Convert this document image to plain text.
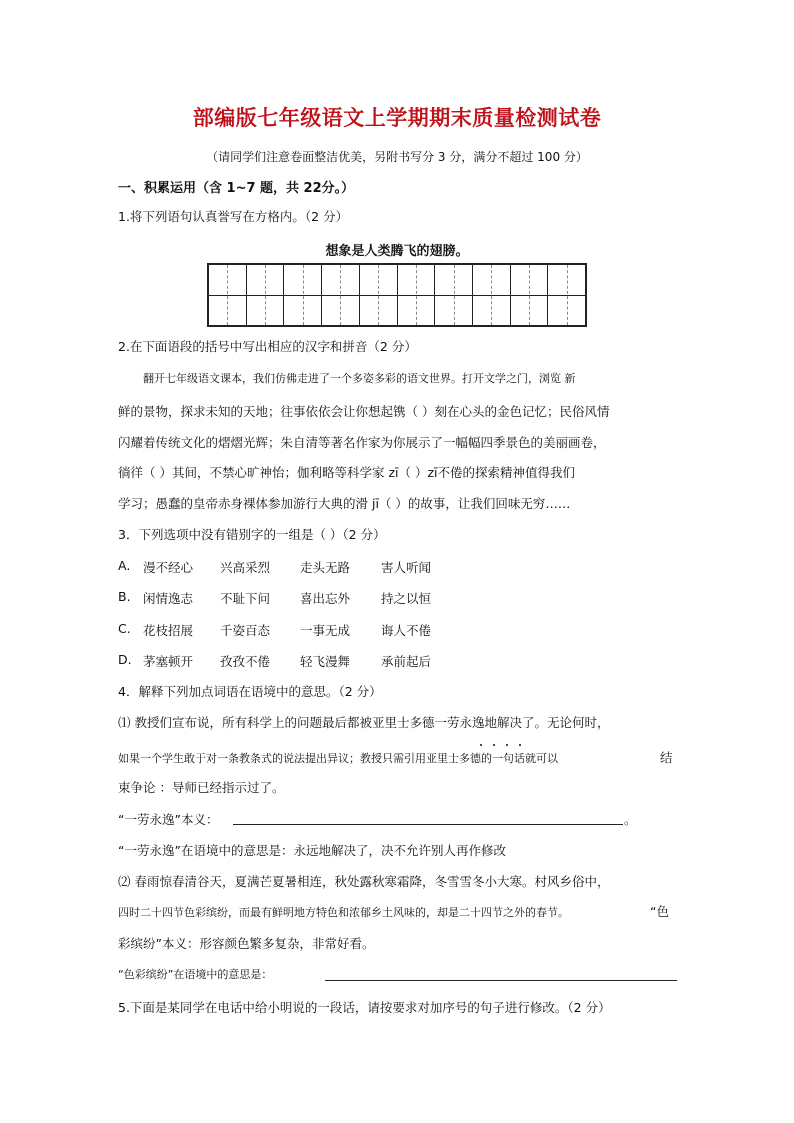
部编版七年级语文上学期期末质量检测试卷
（请同学们注意卷面整洁优美，另附书写分 3 分，满分不超过 100 分）
一、积累运用（含 1~7 题，共 22分。）
1.将下列语句认真誉写在方格内。（2 分）
想象是人类腾飞的翅膀。
2.在下面语段的括号中写出相应的汉字和拼音（2 分）
翻开七年级语文课本，我们仿佛走进了一个多姿多彩的语文世界。打开文学之门，浏览 新
鲜的景物，探求未知的天地；往事依依会让你想起镌（ ）刻在心头的金色记忆；民俗风情
闪耀着传统文化的熠熠光辉；朱自清等著名作家为你展示了一幅幅四季景色的美丽画卷，
徜徉（ ）其间，不禁心旷神怡；伽利略等科学家 zī（ ）zī不倦的探索精神值得我们
学习；愚蠢的皇帝赤身裸体参加游行大典的滑 jī（ ）的故事，让我们回味无穷……
3．下列选项中没有错别字的一组是（ ）（2 分）
A. 漫不经心 兴高采烈 走头无路 害人听闻
B. 闲情逸志 不耻下问 喜出忘外 持之以恒
C. 花枝招展 千姿百态 一事无成 诲人不倦
D. 茅塞顿开 孜孜不倦 轻飞漫舞 承前起后
4．解释下列加点词语在语境中的意思。（2 分）
⑴ 教授们宣布说，所有科学上的问题最后都被亚里士多德一劳永逸地解决了。无论何时，
如果一个学生敢于对一条教条式的说法提出异议；教授只需引用亚里士多德的一句话就可以	结
束争论 ：导师已经指示过了。
“一劳永逸”本义：	。
“一劳永逸”在语境中的意思是：永远地解决了，决不允许别人再作修改
⑵ 春雨惊春清谷天，夏满芒夏暑相连，秋处露秋寒霜降，冬雪雪冬小大寒。村风乡俗中，
四时二十四节色彩缤纷，而最有鲜明地方特色和浓郁乡土风味的，却是二十四节之外的春节。	“色
彩缤纷”本义：形容颜色繁多复杂，非常好看。
“色彩缤纷”在语境中的意思是：
5.下面是某同学在电话中给小明说的一段话，请按要求对加序号的句子进行修改。（2 分）
